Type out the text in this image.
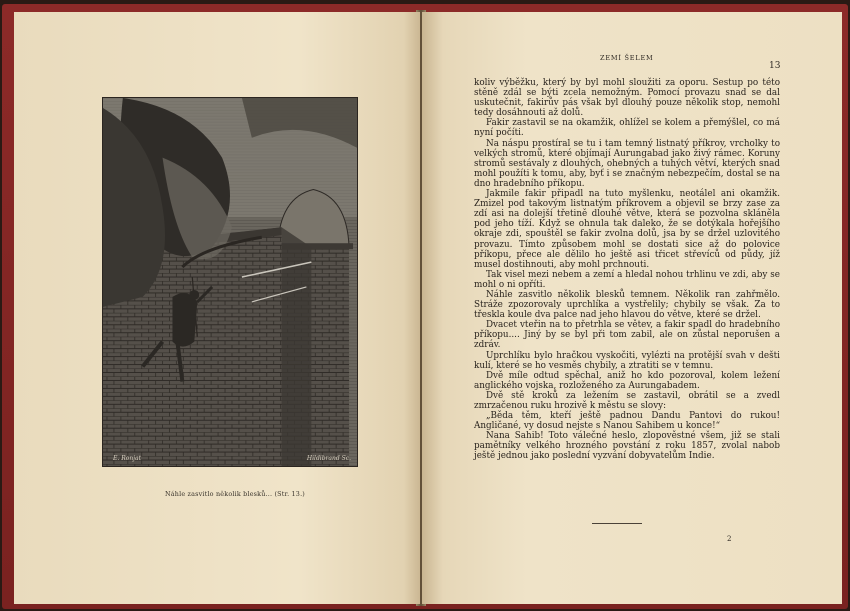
E. Ronjat	Hildibrand Sc.
Náhle zasvitlo několik blesků... (Str. 13.)
ZEMÍ ŠELEM
13

koliv výběžku, který by byl mohl sloužiti za oporu. Sestup po této stěně zdál se býti zcela nemožným. Pomocí provazu snad se dal uskutečnit, fakirův pás však byl dlouhý pouze několik stop, nemohl tedy dosáhnouti až dolů.

Fakir zastavil se na okamžik, ohlížel se kolem a přemýšlel, co má nyní počíti.

Na náspu prostíral se tu i tam temný listnatý příkrov, vrcholky to velkých stromů, které objímají Aurungabad jako živý rámec. Koruny stromů sestávaly z dlouhých, ohebných a tuhých větví, kterých snad mohl použíti k tomu, aby, byť i se značným nebezpečím, dostal se na dno hradebního příkopu.

Jakmile fakir připadl na tuto myšlenku, neotálel ani okamžik. Zmizel pod takovým listnatým příkrovem a objevil se brzy zase za zdí asi na dolejší třetině dlouhé větve, která se pozvolna skláněla pod jeho tíží. Když se ohnula tak daleko, že se dotýkala hořejšího okraje zdi, spouštěl se fakir zvolna dolů, jsa by se držel uzlovitého provazu. Tímto způsobem mohl se dostati sice až do polovice příkopu, přece ale dělilo ho ještě asi třicet střevíců od půdy, jíž musel dostihnouti, aby mohl prchnouti.

Tak visel mezi nebem a zemí a hledal nohou trhlinu ve zdi, aby se mohl o ni opříti.

Náhle zasvitlo několik blesků temnem. Několik ran zahřmělo. Stráže zpozorovaly uprchlíka a vystřelily; chybily se však. Za to třeskla koule dva palce nad jeho hlavou do větve, které se držel.

Dvacet vteřin na to přetrhla se větev, a fakir spadl do hradebního příkopu.... Jiný by se byl při tom zabil, ale on zůstal neporušen a zdráv.

Uprchlíku bylo hračkou vyskočiti, vylézti na protější svah v dešti kulí, které se ho vesměs chybily, a ztratiti se v temnu.

Dvě míle odtud spěchal, aniž ho kdo pozoroval, kolem ležení anglického vojska, rozloženého za Aurungabadem.

Dvě stě kroků za ležením se zastavil, obrátil se a zvedl zmrzačenou ruku hrozivě k městu se slovy:

„Běda těm, kteří ještě padnou Dandu Pantovi do rukou! Angličané, vy dosud nejste s Nanou Sahibem u konce!“

Nana Sahib! Toto válečné heslo, zlopověstné všem, již se stali pamětníky velkého hrozného povstání z roku 1857, zvolal nabob ještě jednou jako poslední vyzvání dobyvatelům Indie.

2
